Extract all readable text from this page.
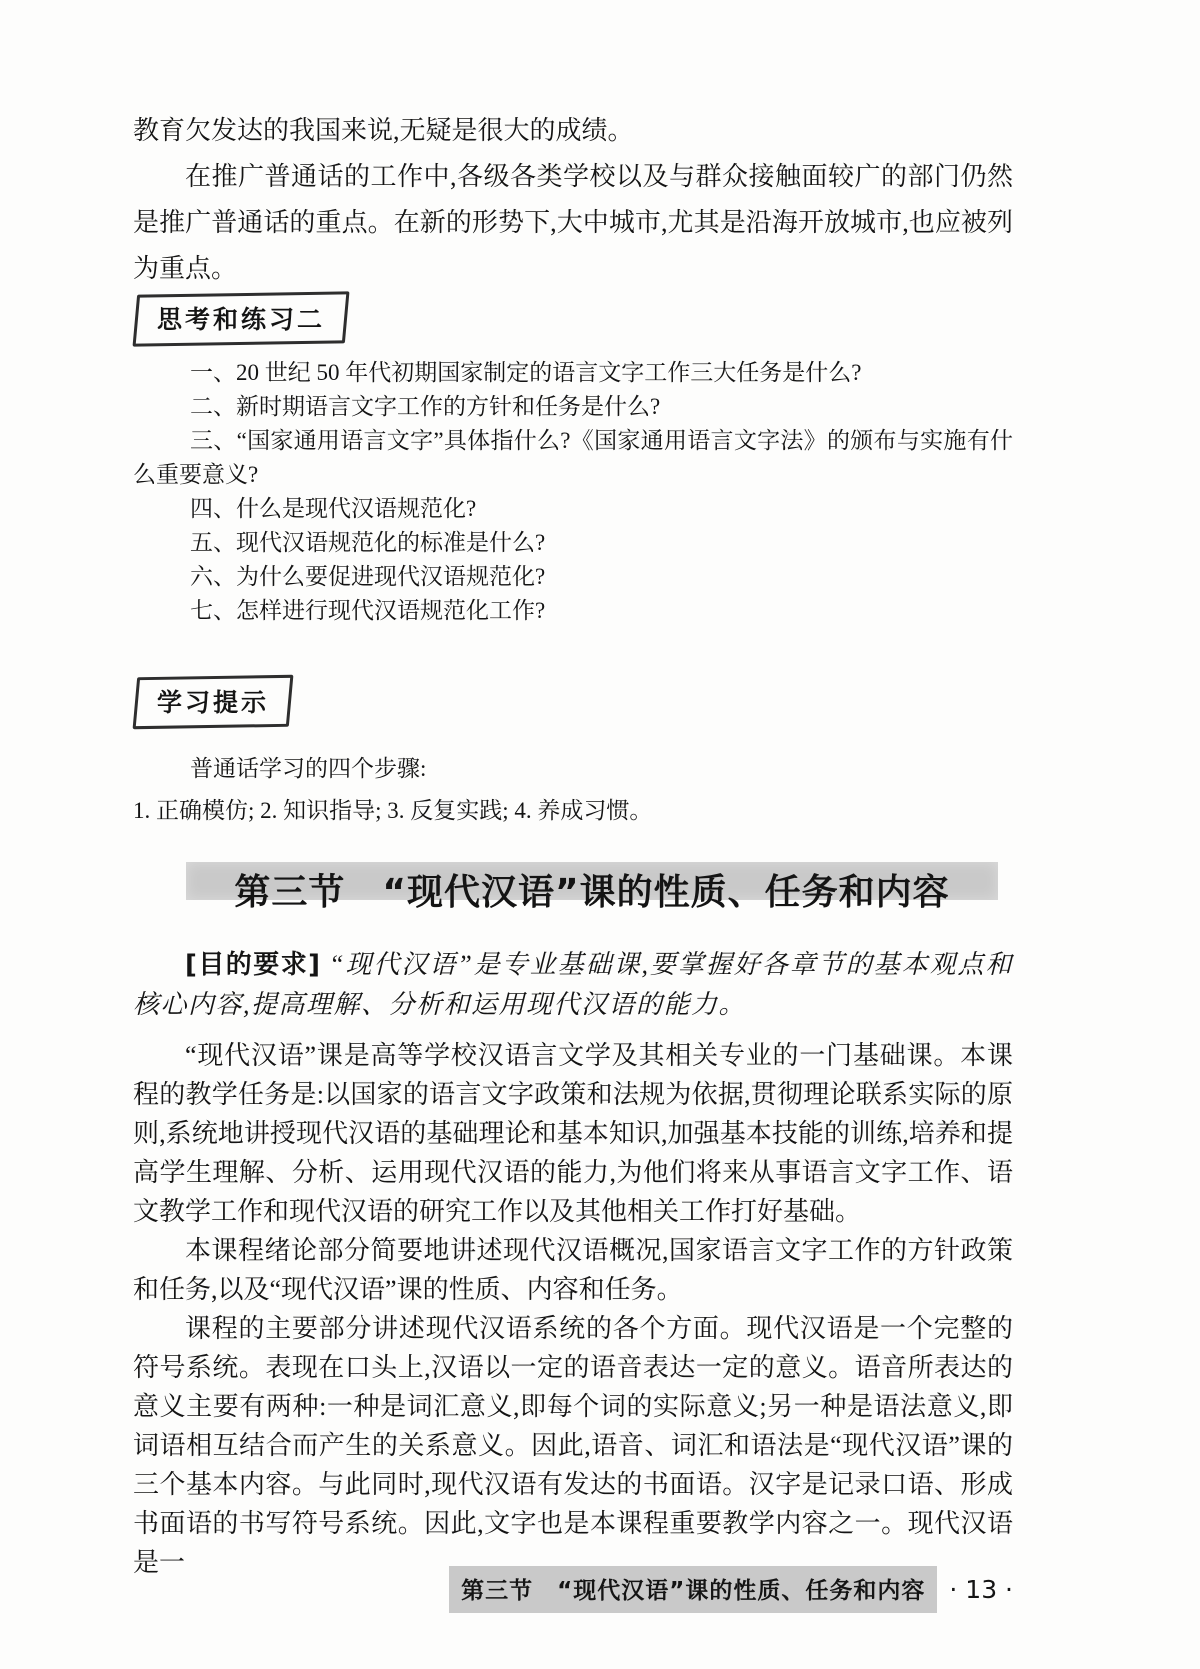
教育欠发达的我国来说,无疑是很大的成绩。

在推广普通话的工作中,各级各类学校以及与群众接触面较广的部门仍然是推广普通话的重点。在新的形势下,大中城市,尤其是沿海开放城市,也应被列为重点。

思考和练习二

一、20 世纪 50 年代初期国家制定的语言文字工作三大任务是什么?

二、新时期语言文字工作的方针和任务是什么?

三、“国家通用语言文字”具体指什么?《国家通用语言文字法》的颁布与实施有什么重要意义?

四、什么是现代汉语规范化?

五、现代汉语规范化的标准是什么?

六、为什么要促进现代汉语规范化?

七、怎样进行现代汉语规范化工作?

学习提示

普通话学习的四个步骤:

1. 正确模仿; 2. 知识指导; 3. 反复实践; 4. 养成习惯。

第三节　“现代汉语”课的性质、任务和内容

[目的要求] “现代汉语”是专业基础课,要掌握好各章节的基本观点和核心内容,提高理解、分析和运用现代汉语的能力。

“现代汉语”课是高等学校汉语言文学及其相关专业的一门基础课。本课程的教学任务是:以国家的语言文字政策和法规为依据,贯彻理论联系实际的原则,系统地讲授现代汉语的基础理论和基本知识,加强基本技能的训练,培养和提高学生理解、分析、运用现代汉语的能力,为他们将来从事语言文字工作、语文教学工作和现代汉语的研究工作以及其他相关工作打好基础。

本课程绪论部分简要地讲述现代汉语概况,国家语言文字工作的方针政策和任务,以及“现代汉语”课的性质、内容和任务。

课程的主要部分讲述现代汉语系统的各个方面。现代汉语是一个完整的符号系统。表现在口头上,汉语以一定的语音表达一定的意义。语音所表达的意义主要有两种:一种是词汇意义,即每个词的实际意义;另一种是语法意义,即词语相互结合而产生的关系意义。因此,语音、词汇和语法是“现代汉语”课的三个基本内容。与此同时,现代汉语有发达的书面语。汉字是记录口语、形成书面语的书写符号系统。因此,文字也是本课程重要教学内容之一。现代汉语是一

第三节　“现代汉语”课的性质、任务和内容 · 13 ·
